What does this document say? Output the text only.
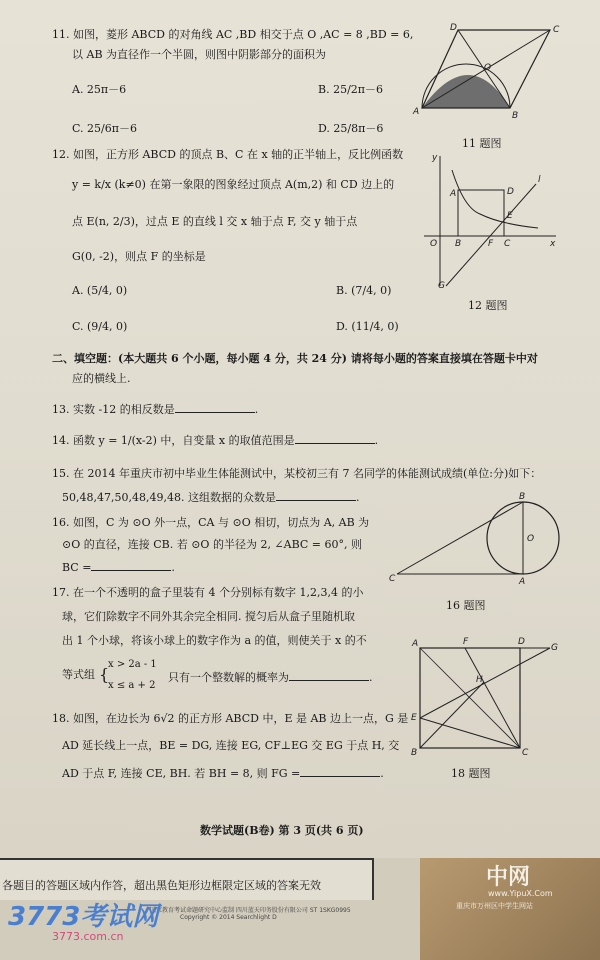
11. 如图，菱形 ABCD 的对角线 AC ,BD 相交于点 O ,AC = 8 ,BD = 6,
以 AB 为直径作一个半圆，则图中阴影部分的面积为
A. 25π－6	B. 25/2π－6
C. 25/6π－6	D. 25/8π－6
A	B
C
D
O
11 题图
12. 如图，正方形 ABCD 的顶点 B、C 在 x 轴的正半轴上，反比例函数
y = k/x (k≠0) 在第一象限的图象经过顶点 A(m,2) 和 CD 边上的
点 E(n, 2/3)，过点 E 的直线 l 交 x 轴于点 F, 交 y 轴于点
G(0, -2)，则点 F 的坐标是
A. (5/4, 0)	B. (7/4, 0)
C. (9/4, 0)	D. (11/4, 0)
y
x
A	D
E
O B	F C
G
l
12 题图
二、填空题：(本大题共 6 个小题，每小题 4 分，共 24 分) 请将每小题的答案直接填在答题卡中对
应的横线上.
13. 实数 -12 的相反数是	.
14. 函数 y = 1/(x-2) 中，自变量 x 的取值范围是	.
15. 在 2014 年重庆市初中毕业生体能测试中，某校初三有 7 名同学的体能测试成绩(单位:分)如下：
50,48,47,50,48,49,48. 这组数据的众数是	.
16. 如图，C 为 ⊙O 外一点，CA 与 ⊙O 相切，切点为 A, AB 为
⊙O 的直径，连接 CB. 若 ⊙O 的半径为 2, ∠ABC = 60°, 则
BC =	.
B
O
A
C
16 题图
17. 在一个不透明的盒子里装有 4 个分别标有数字 1,2,3,4 的小
球，它们除数字不同外其余完全相同. 搅匀后从盒子里随机取
出 1 个小球，将该小球上的数字作为 a 的值，则使关于 x 的不
等式组 {
x > 2a - 1
x ≤ a + 2
只有一个整数解的概率为	.
18. 如图，在边长为 6√2 的正方形 ABCD 中，E 是 AB 边上一点，G 是
AD 延长线上一点，BE = DG, 连接 EG, CF⊥EG 交 EG 于点 H, 交
AD 于点 F, 连接 CE, BH. 若 BH = 8, 则 FG =	.
A	F	D
G
H
E
B	C
18 题图
数学试题(B卷) 第 3 页(共 6 页)
各题目的答题区域内作答，超出黑色矩形边框限定区域的答案无效
国家教育考试命题研究中心监制 四川蓝天印务股份有限公司 ST 1SKG0995
Copyright © 2014 Searchlight D
3773考试网
3773.com.cn
中网
www.YipuX.Com
重庆市万州区中学生网站
